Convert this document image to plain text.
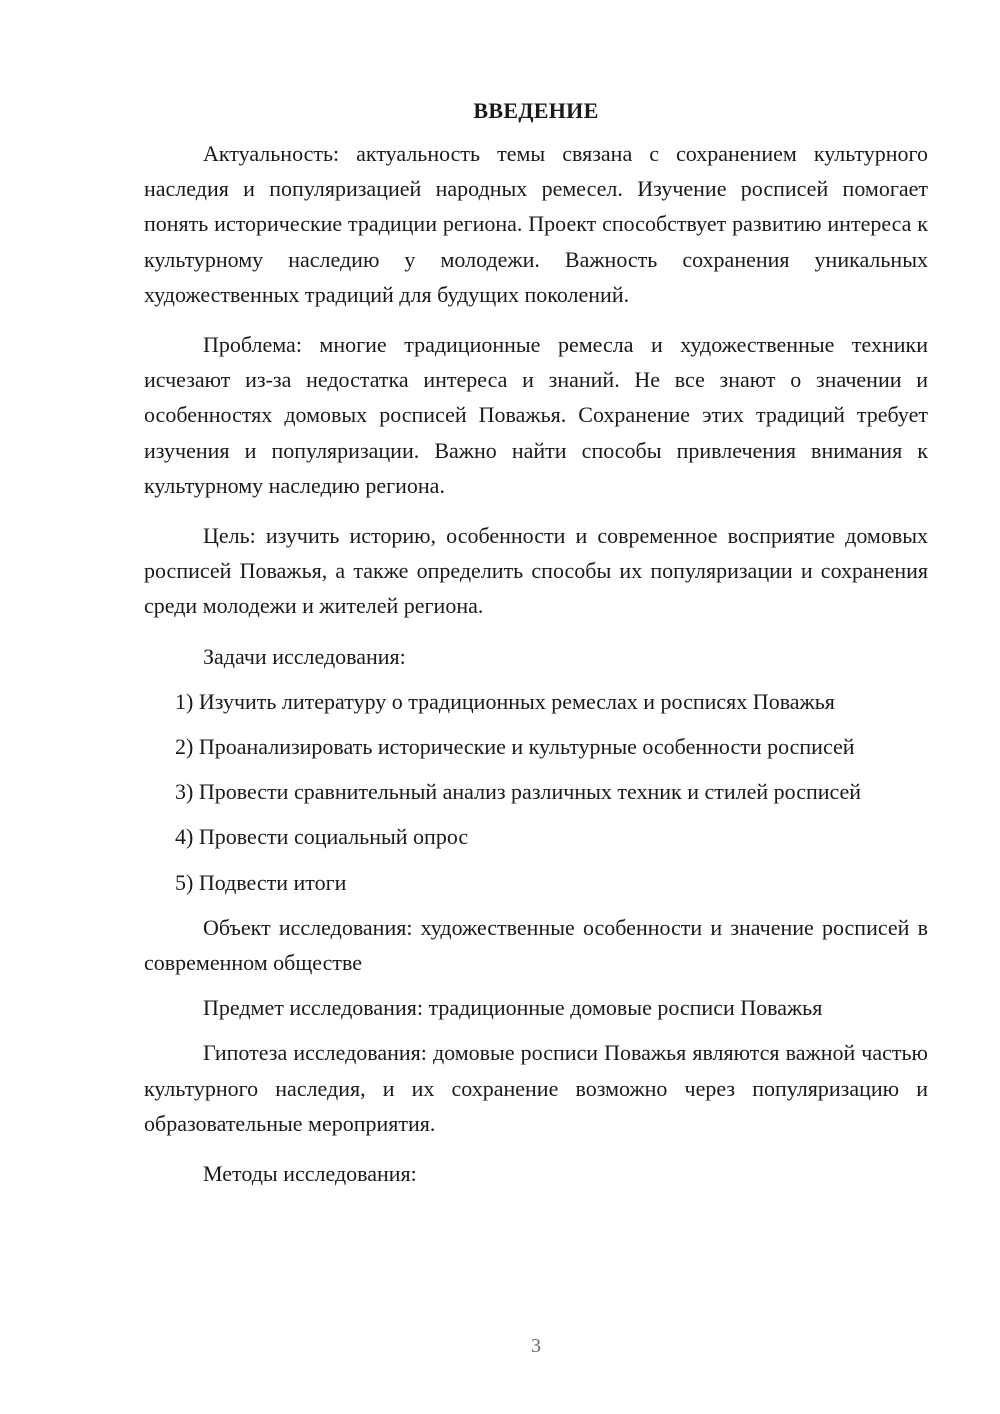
ВВЕДЕНИЕ

Актуальность: актуальность темы связана с сохранением культурного наследия и популяризацией народных ремесел. Изучение росписей помогает понять исторические традиции региона. Проект способствует развитию интереса к культурному наследию у молодежи. Важность сохранения уникальных художественных традиций для будущих поколений.

Проблема: многие традиционные ремесла и художественные техники исчезают из-за недостатка интереса и знаний. Не все знают о значении и особенностях домовых росписей Поважья. Сохранение этих традиций требует изучения и популяризации. Важно найти способы привлечения внимания к культурному наследию региона.

Цель: изучить историю, особенности и современное восприятие домовых росписей Поважья, а также определить способы их популяризации и сохранения среди молодежи и жителей региона.

Задачи исследования:

1) Изучить литературу о традиционных ремеслах и росписях Поважья

2) Проанализировать исторические и культурные особенности росписей

3) Провести сравнительный анализ различных техник и стилей росписей

4) Провести социальный опрос

5) Подвести итоги

Объект исследования: художественные особенности и значение росписей в современном обществе

Предмет исследования: традиционные домовые росписи Поважья

Гипотеза исследования: домовые росписи Поважья являются важной частью культурного наследия, и их сохранение возможно через популяризацию и образовательные мероприятия.

Методы исследования:

3
